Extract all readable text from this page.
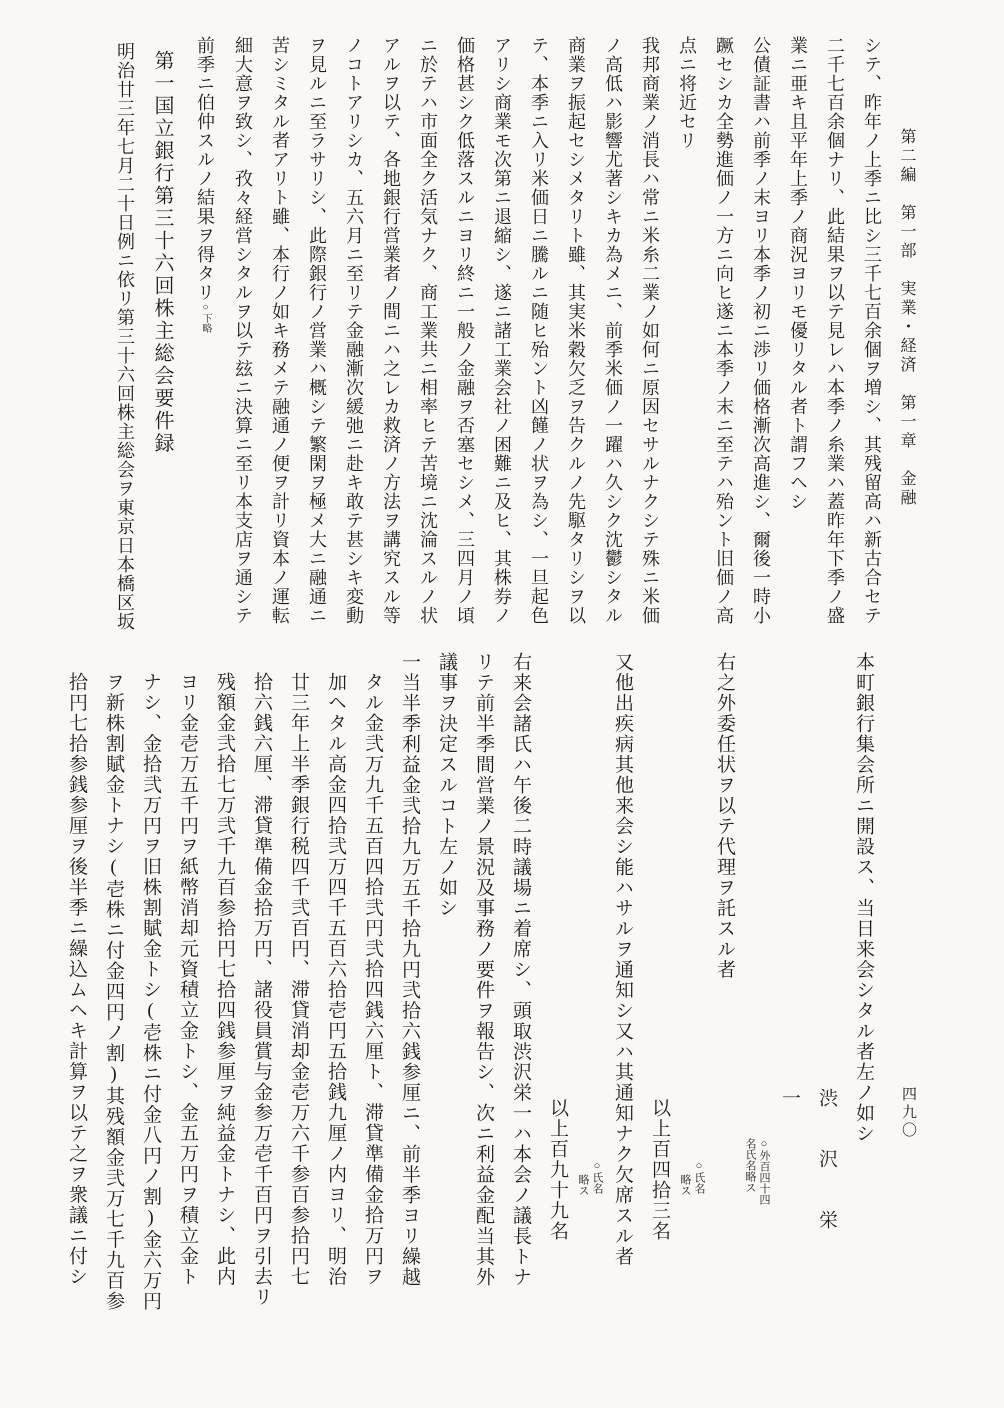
第二編　第一部　実業・経済　第一章　金融
四九〇
シテ、昨年ノ上季ニ比シ三千七百余個ヲ増シ、其残留高ハ新古合セテ
二千七百余個ナリ、此結果ヲ以テ見レハ本季ノ糸業ハ蓋昨年下季ノ盛
業ニ亜キ且平年上季ノ商況ヨリモ優リタル者ト謂フヘシ
公債証書ハ前季ノ末ヨリ本季ノ初ニ渉リ価格漸次高進シ、爾後一時小
蹶セシカ全勢進価ノ一方ニ向ヒ遂ニ本季ノ末ニ至テハ殆ント旧価ノ高
点ニ将近セリ
我邦商業ノ消長ハ常ニ米糸二業ノ如何ニ原因セサルナクシテ殊ニ米価
ノ高低ハ影響尤著シキカ為メニ、前季米価ノ一躍ハ久シク沈鬱シタル
商業ヲ振起セシメタリト雖、其実米穀欠乏ヲ告クルノ先駆タリシヲ以
テ、本季ニ入リ米価日ニ騰ルニ随ヒ殆ント凶饉ノ状ヲ為シ、一旦起色
アリシ商業モ次第ニ退縮シ、遂ニ諸工業会社ノ困難ニ及ヒ、其株券ノ
価格甚シク低落スルニヨリ終ニ一般ノ金融ヲ否塞セシメ、三四月ノ頃
ニ於テハ市面全ク活気ナク、商工業共ニ相率ヒテ苦境ニ沈淪スルノ状
アルヲ以テ、各地銀行営業者ノ間ニハ之レカ救済ノ方法ヲ講究スル等
ノコトアリシカ、五六月ニ至リテ金融漸次緩弛ニ赴キ敢テ甚シキ変動
ヲ見ルニ至ラサリシ、此際銀行ノ営業ハ概シテ繁閑ヲ極メ大ニ融通ニ
苦シミタル者アリト雖、本行ノ如キ務メテ融通ノ便ヲ計リ資本ノ運転
細大意ヲ致シ、孜々経営シタルヲ以テ玆ニ決算ニ至リ本支店ヲ通シテ
前季ニ伯仲スルノ結果ヲ得タリ○下略
第一国立銀行第三十六回株主総会要件録
明治廿三年七月二十日例ニ依リ第三十六回株主総会ヲ東京日本橋区坂
本町銀行集会所ニ開設ス、当日来会シタル者左ノ如シ
渋沢栄一
○外百四十四
名氏名略ス
右之外委任状ヲ以テ代理ヲ託スル者
○氏名
略ス
以上百四拾三名
又他出疾病其他来会シ能ハサルヲ通知シ又ハ其通知ナク欠席スル者
○氏名
略ス
以上百九十九名
右来会諸氏ハ午後二時議場ニ着席シ、頭取渋沢栄一ハ本会ノ議長トナ
リテ前半季間営業ノ景況及事務ノ要件ヲ報告シ、次ニ利益金配当其外
議事ヲ決定スルコト左ノ如シ
一当半季利益金弐拾九万五千拾九円弐拾六銭参厘ニ、前半季ヨリ繰越
タル金弐万九千五百四拾弐円弐拾四銭六厘ト、滞貸準備金拾万円ヲ
加ヘタル高金四拾弐万四千五百六拾壱円五拾銭九厘ノ内ヨリ、明治
廿三年上半季銀行税四千弐百円、滞貸消却金壱万六千参百参拾円七
拾六銭六厘、滞貸準備金拾万円、諸役員賞与金参万壱千百円ヲ引去リ
残額金弐拾七万弐千九百参拾円七拾四銭参厘ヲ純益金トナシ、此内
ヨリ金壱万五千円ヲ紙幣消却元資積立金トシ、金五万円ヲ積立金ト
ナシ、金拾弐万円ヲ旧株割賦金トシ(壱株ニ付金八円ノ割)金六万円
ヲ新株割賦金トナシ(壱株ニ付金四円ノ割)其残額金弐万七千九百参
拾円七拾参銭参厘ヲ後半季ニ繰込ムヘキ計算ヲ以テ之ヲ衆議ニ付シ
